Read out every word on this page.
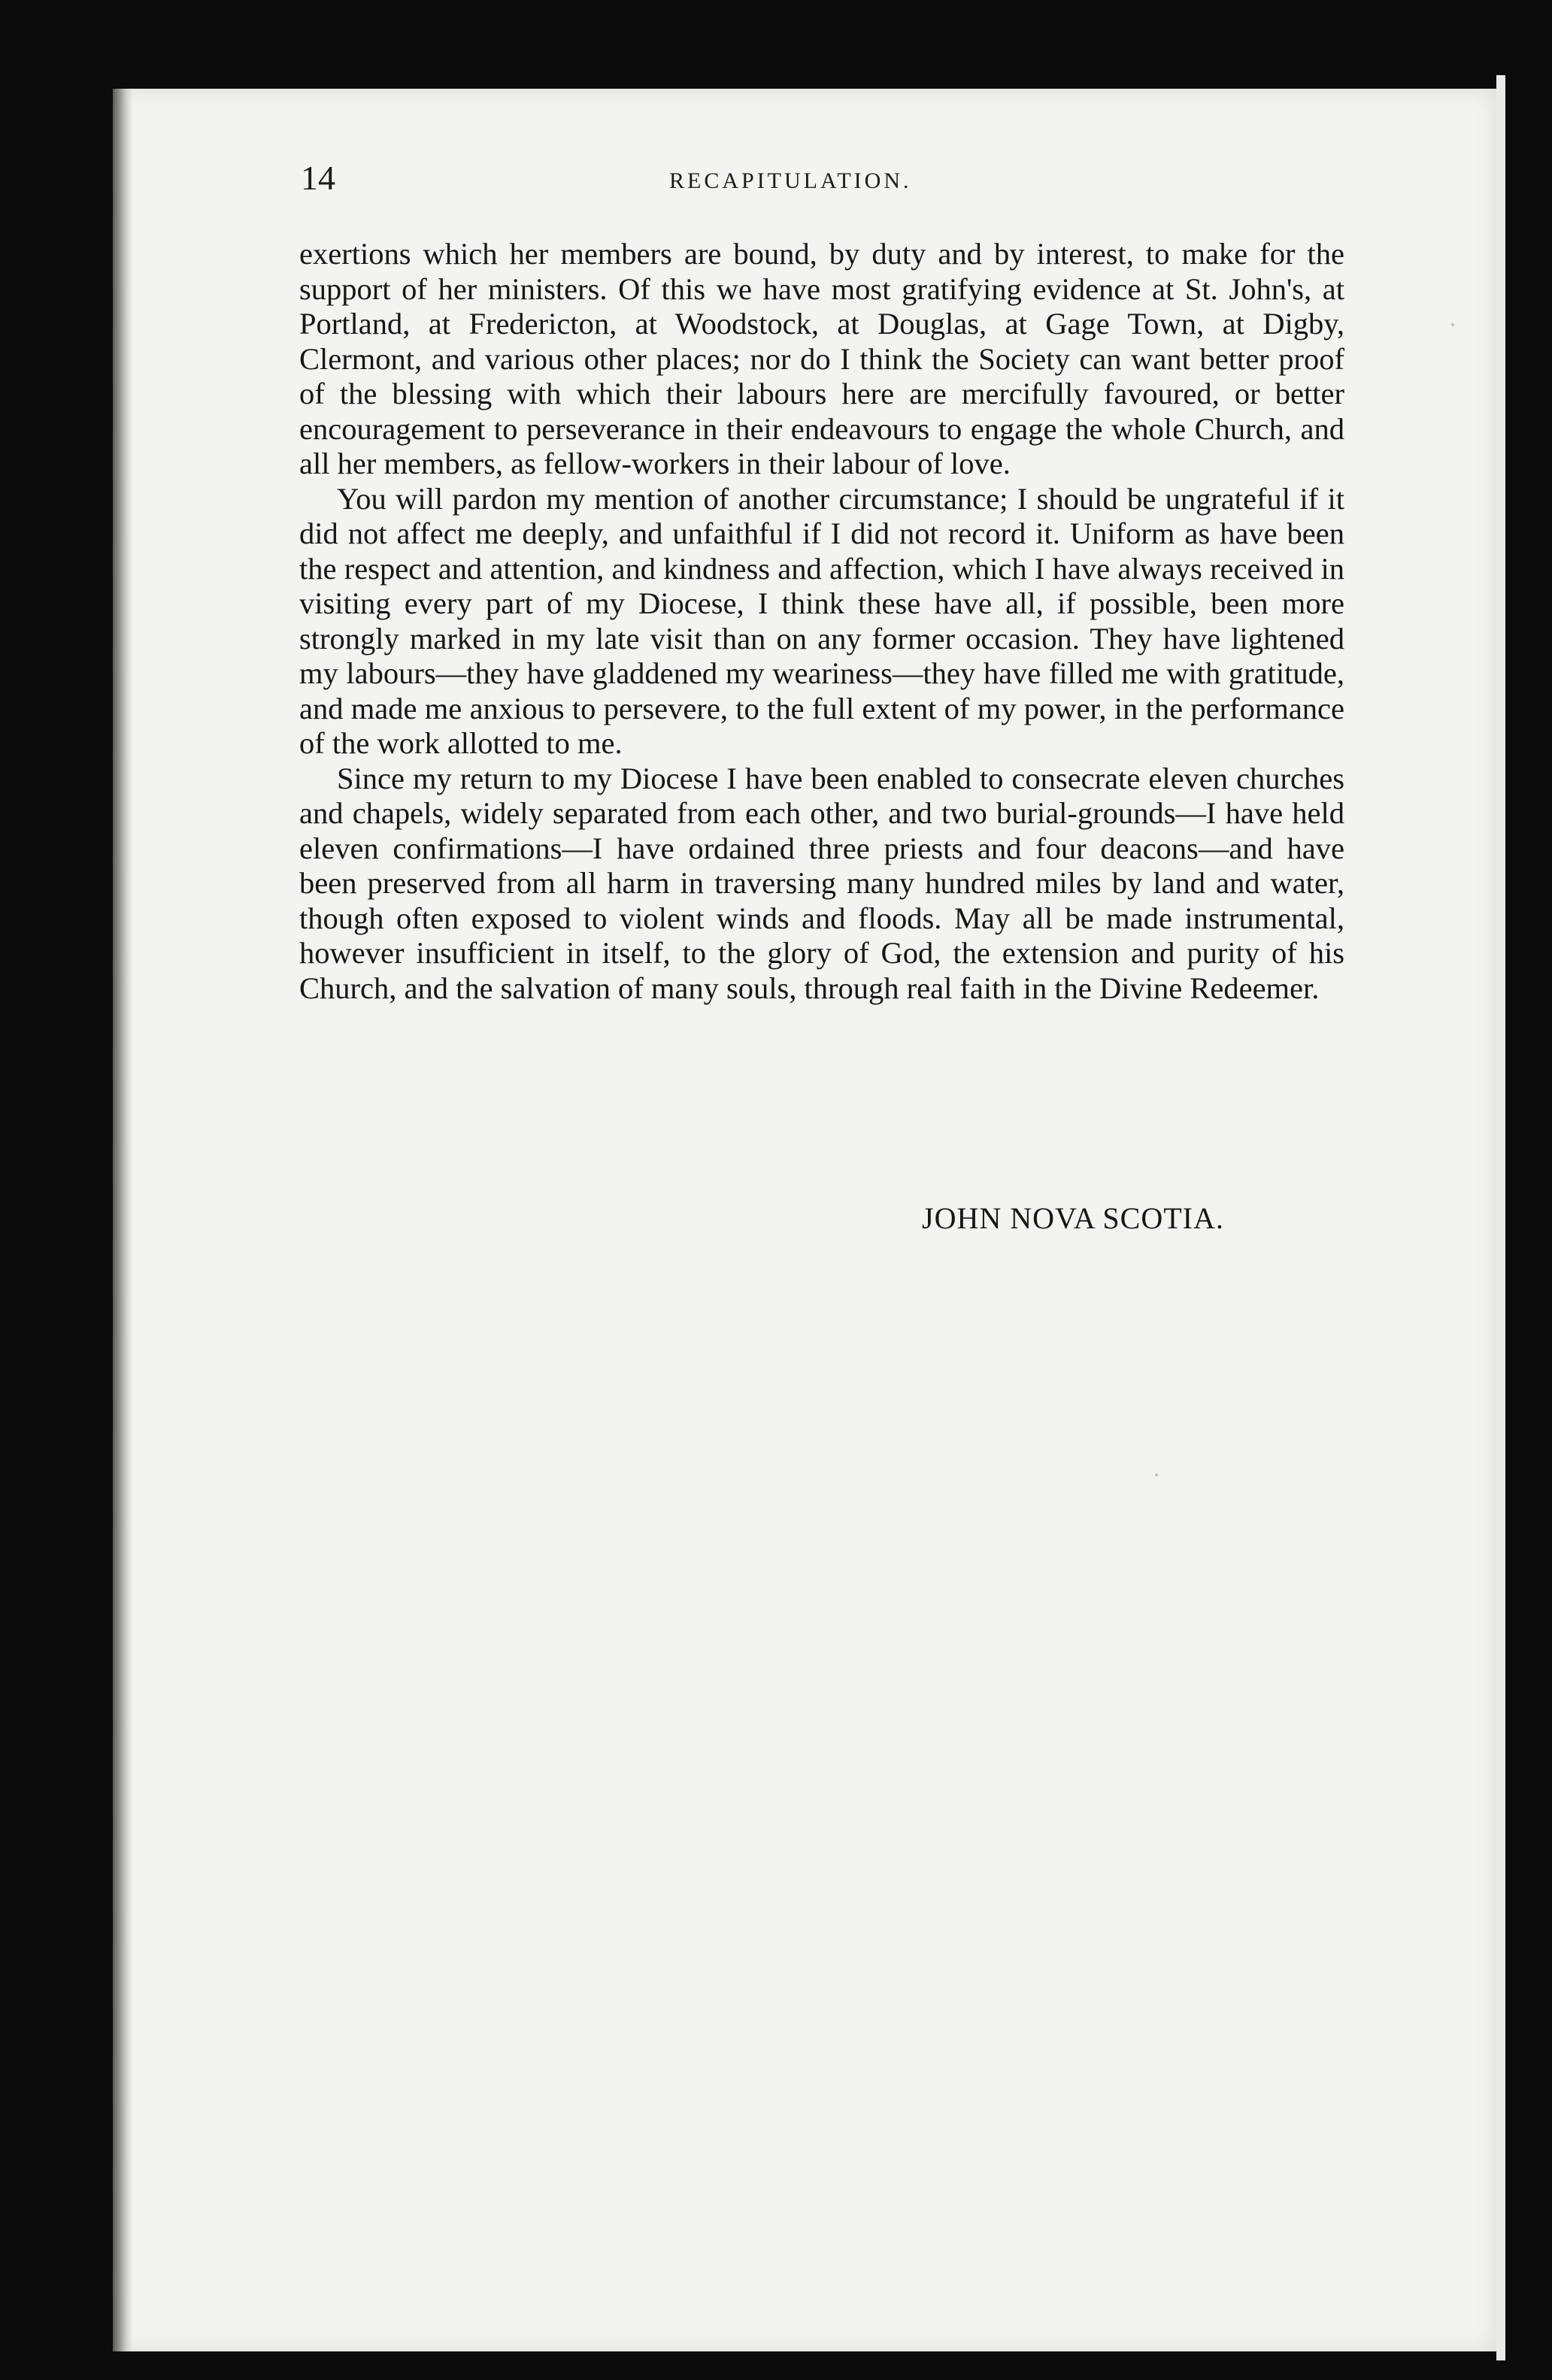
14	RECAPITULATION.

exertions which her members are bound, by duty and by interest, to make for the support of her ministers. Of this we have most gratifying evidence at St. John's, at Portland, at Fredericton, at Woodstock, at Douglas, at Gage Town, at Digby, Clermont, and various other places; nor do I think the Society can want better proof of the blessing with which their labours here are mercifully favoured, or better encouragement to perseverance in their endeavours to engage the whole Church, and all her members, as fellow-workers in their labour of love.

You will pardon my mention of another circumstance; I should be ungrateful if it did not affect me deeply, and unfaithful if I did not record it. Uniform as have been the respect and attention, and kindness and affection, which I have always received in visiting every part of my Diocese, I think these have all, if possible, been more strongly marked in my late visit than on any former occasion. They have lightened my labours—they have gladdened my weariness—they have filled me with gratitude, and made me anxious to persevere, to the full extent of my power, in the performance of the work allotted to me.

Since my return to my Diocese I have been enabled to consecrate eleven churches and chapels, widely separated from each other, and two burial-grounds—I have held eleven confirmations—I have ordained three priests and four deacons—and have been preserved from all harm in traversing many hundred miles by land and water, though often exposed to violent winds and floods. May all be made instrumental, however insufficient in itself, to the glory of God, the extension and purity of his Church, and the salvation of many souls, through real faith in the Divine Redeemer.

JOHN NOVA SCOTIA.
